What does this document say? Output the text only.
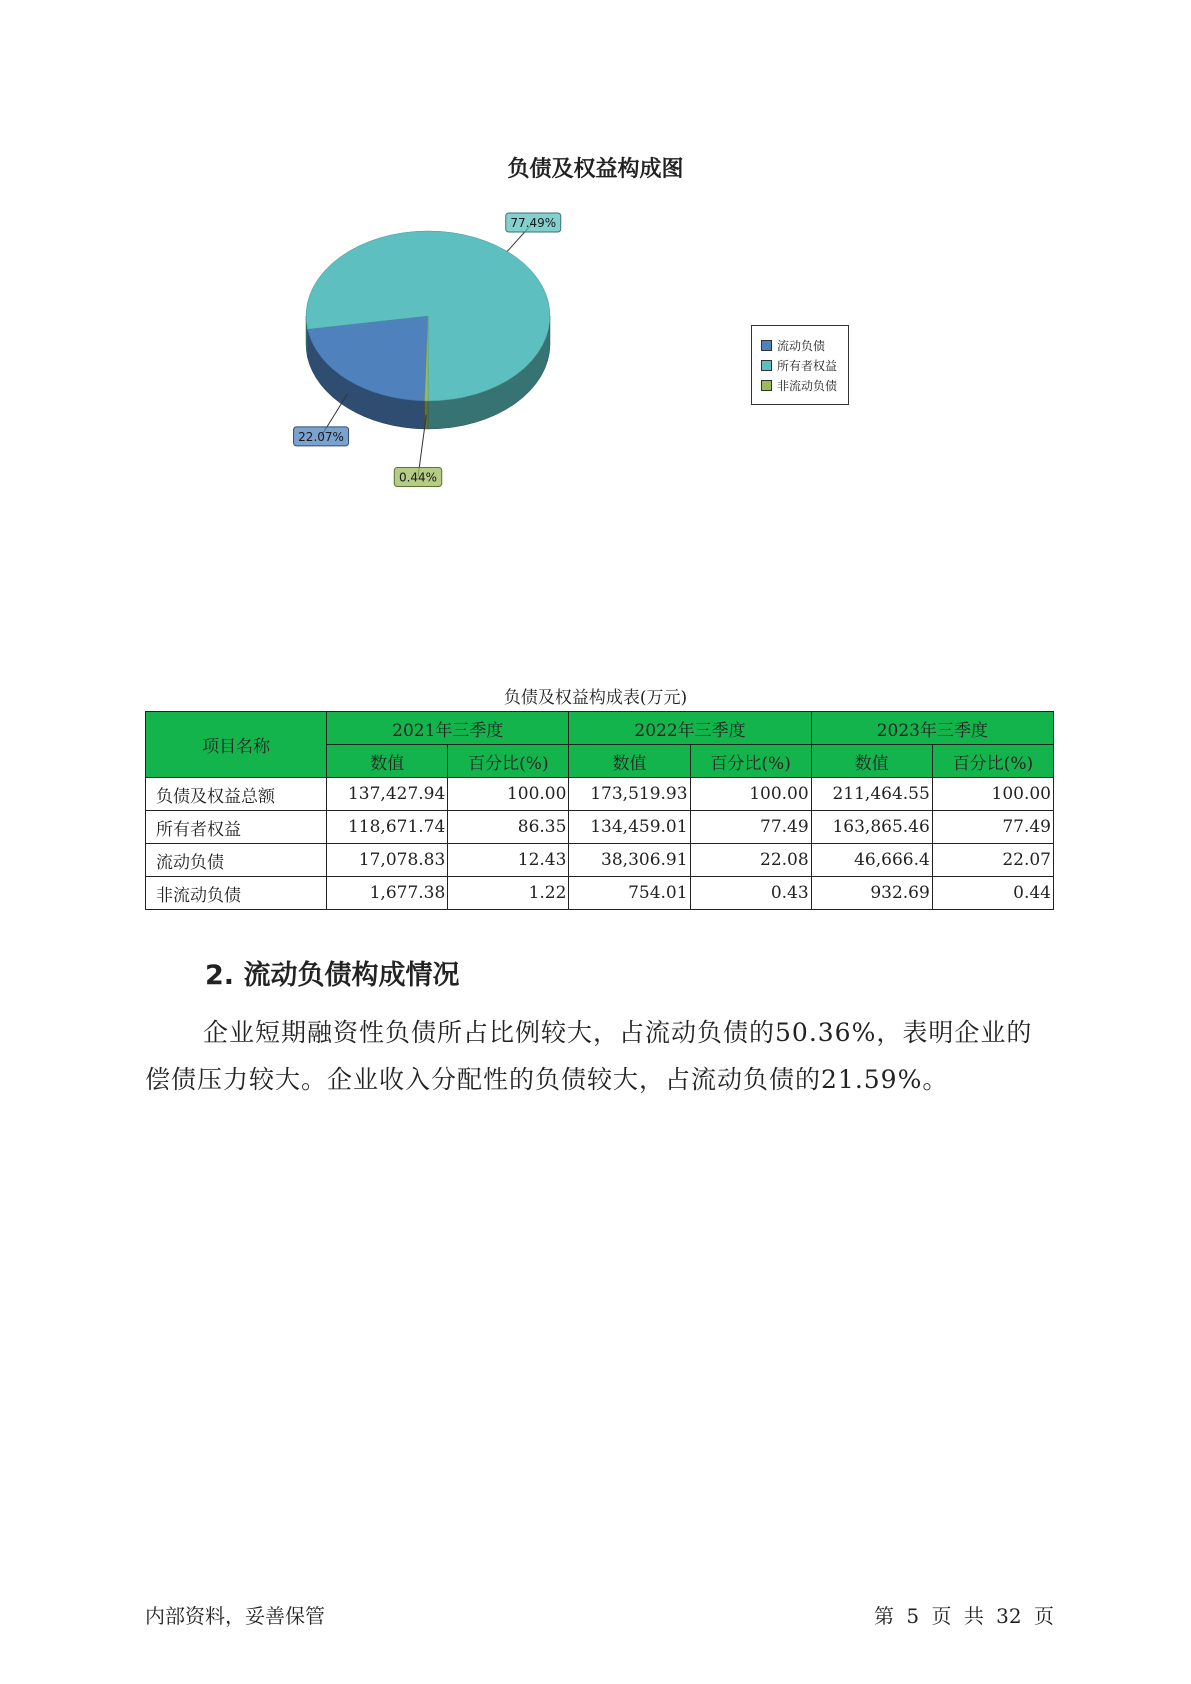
负债及权益构成图
22.07%
77.49%
0.44%
流动负债
所有者权益
非流动负债
负债及权益构成表(万元)
项目名称	2021年三季度		2022年三季度		2023年三季度	
	数值	百分比(%)	数值	百分比(%)	数值	百分比(%)
负债及权益总额	137,427.94	100.00	173,519.93	100.00	211,464.55	100.00
所有者权益	118,671.74	86.35	134,459.01	77.49	163,865.46	77.49
流动负债	17,078.83	12.43	38,306.91	22.08	46,666.4	22.07
非流动负债	1,677.38	1.22	754.01	0.43	932.69	0.44
2. 流动负债构成情况
企业短期融资性负债所占比例较大，占流动负债的50.36%，表明企业的偿债压力较大。企业收入分配性的负债较大，占流动负债的21.59%。
内部资料，妥善保管	第 5 页 共 32 页
